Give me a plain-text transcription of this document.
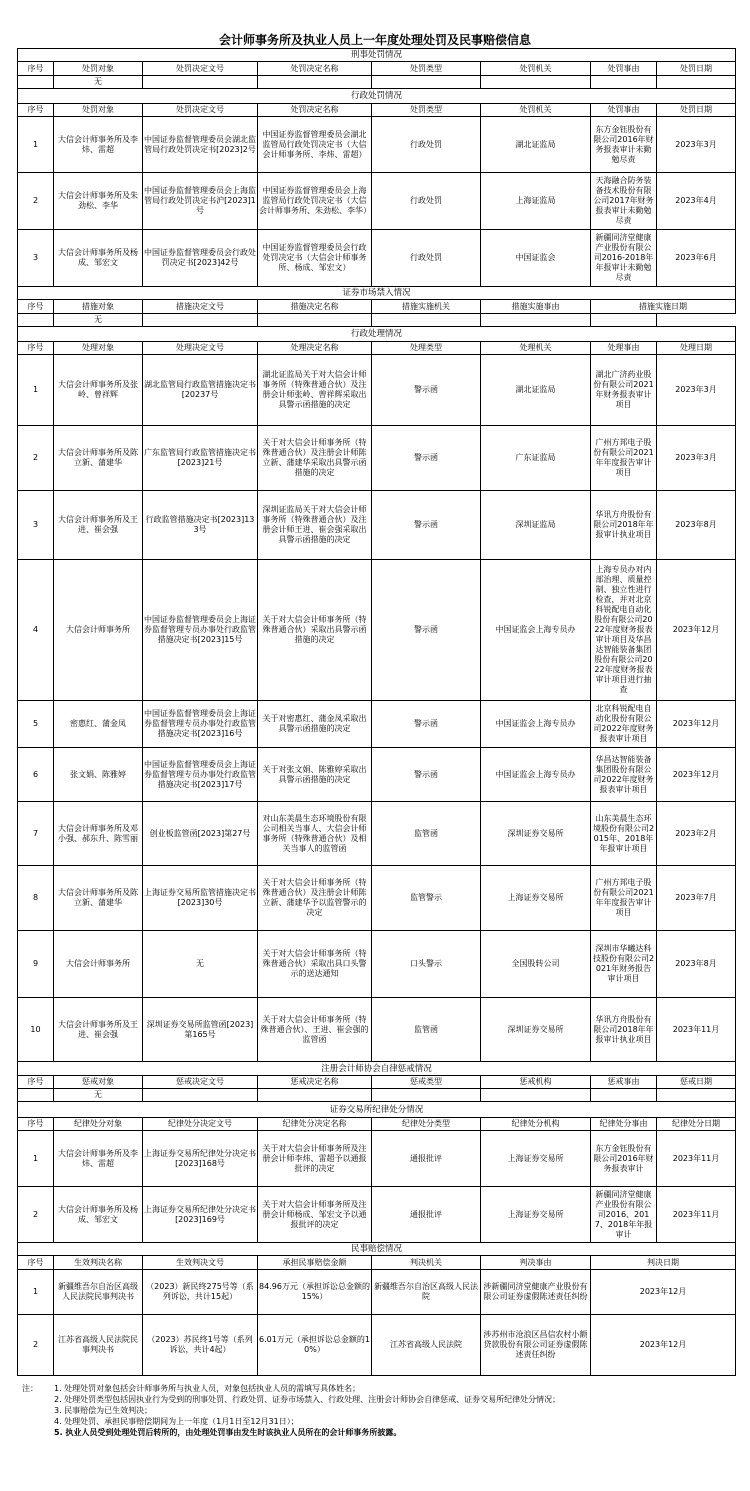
会计师事务所及执业人员上一年度处理处罚及民事赔偿信息
刑事处罚情况							
序号	处罚对象	处罚决定文号	处罚决定名称	处罚类型	处罚机关	处罚事由	处罚日期
	无						
行政处罚情况							
序号	处罚对象	处罚决定文号	处罚决定名称	处罚类型	处罚机关	处罚事由	处罚日期
1	大信会计师事务所及李炜、雷超	中国证券监督管理委员会湖北监管局行政处罚决定书[2023]2号	中国证券监督管理委员会湖北监管局行政处罚决定书（大信会计师事务所、李炜、雷超）	行政处罚	湖北证监局	东方金钰股份有限公司2016年财务报表审计未勤勉尽责	2023年3月
2	大信会计师事务所及朱劲松、李华	中国证券监督管理委员会上海监管局行政处罚决定书沪[2023]1号	中国证券监督管理委员会上海监管局行政处罚决定书（大信会计师事务所、朱劲松、李华）	行政处罚	上海证监局	天海融合防务装备技术股份有限公司2017年财务报表审计未勤勉尽责	2023年4月
3	大信会计师事务所及杨成、邹宏文	中国证券监督管理委员会行政处罚决定书[2023]42号	中国证券监督管理委员会行政处罚决定书（大信会计师事务所、杨成、邹宏文）	行政处罚	中国证监会	新疆同济堂健康产业股份有限公司2016-2018年年报审计未勤勉尽责	2023年6月
证券市场禁入情况							
序号	措施对象	措施决定文号	措施决定名称	措施实施机关	措施实施事由	措施实施日期	
	无						
行政处理情况							
序号	处理对象	处理决定文号	处理决定名称	处理类型	处理机关	处理事由	处理日期
1	大信会计师事务所及张岭、曾祥辉	湖北监管局行政监管措施决定书[20237号	湖北证监局关于对大信会计师事务所（特殊普通合伙）及注册会计师张岭、曾祥辉采取出具警示函措施的决定	警示函	湖北证监局	湖北广济药业股份有限公司2021年财务报表审计项目	2023年3月
2	大信会计师事务所及陈立新、蒲建华	广东监管局行政监管措施决定书[2023]21号	关于对大信会计师事务所（特殊普通合伙）及注册会计师陈立新、蒲建华采取出具警示函措施的决定	警示函	广东证监局	广州方邦电子股份有限公司2021年年度报告审计项目	2023年3月
3	大信会计师事务所及王进、崔会强	行政监管措施决定书[2023]133号	深圳证监局关于对大信会计师事务所（特殊普通合伙）及注册会计师王进、崔会强采取出具警示函措施的决定	警示函	深圳证监局	华讯方舟股份有限公司2018年年报审计执业项目	2023年8月
4	大信会计师事务所	中国证券监督管理委员会上海证券监督管理专员办事处行政监管措施决定书[2023]15号	关于对大信会计师事务所（特殊普通合伙）采取出具警示函措施的决定	警示函	中国证监会上海专员办	上海专员办对内部治理、质量控制、独立性进行检查，并对北京科锐配电自动化股份有限公司2022年度财务报表审计项目及华昌达智能装备集团股份有限公司2022年度财务报表审计项目进行抽查	2023年12月
5	密惠红、蒲金凤	中国证券监督管理委员会上海证券监督管理专员办事处行政监管措施决定书[2023]16号	关于对密惠红、蒲金凤采取出具警示函措施的决定	警示函	中国证监会上海专员办	北京科锐配电自动化股份有限公司2022年度财务报表审计项目	2023年12月
6	张文娟、陈雅婷	中国证券监督管理委员会上海证券监督管理专员办事处行政监管措施决定书[2023]17号	关于对张文娟、陈雅婷采取出具警示函措施的决定	警示函	中国证监会上海专员办	华昌达智能装备集团股份有限公司2022年度财务报表审计项目	2023年12月
7	大信会计师事务所及邓小强、郝东升、陈雪丽	创业板监管函[2023]第27号	对山东美晨生态环境股份有限公司相关当事人、大信会计师事务所（特殊普通合伙）及相关当事人的监管函	监管函	深圳证券交易所	山东美晨生态环境股份有限公司2015年、2018年年报审计项目	2023年2月
8	大信会计师事务所及陈立新、蒲建华	上海证券交易所监管措施决定书[2023]30号	关于对大信会计师事务所（特殊普通合伙）及注册会计师陈立新、蒲建华予以监管警示的决定	监管警示	上海证券交易所	广州方邦电子股份有限公司2021年年度报告审计项目	2023年7月
9	大信会计师事务所	无	关于对大信会计师事务所（特殊普通合伙）采取出具口头警示的送达通知	口头警示	全国股转公司	深圳市华曦达科技股份有限公司2021年财务报告审计项目	2023年8月
10	大信会计师事务所及王进、崔会强	深圳证券交易所监管函[2023]第165号	关于对大信会计师事务所（特殊普通合伙）、王进、崔会强的监管函	监管函	深圳证券交易所	华讯方舟股份有限公司2018年年报审计执业项目	2023年11月
注册会计师协会自律惩戒情况							
序号	惩戒对象	惩戒决定文号	惩戒决定名称	惩戒类型	惩戒机构	惩戒事由	惩戒日期
	无						
证券交易所纪律处分情况							
序号	纪律处分对象	纪律处分决定文号	纪律处分决定名称	纪律处分类型	纪律处分机构	纪律处分事由	纪律处分日期
1	大信会计师事务所及李炜、雷超	上海证券交易所纪律处分决定书[2023]168号	关于对大信会计师事务所及注册会计师李炜、雷超予以通报批评的决定	通报批评	上海证券交易所	东方金钰股份有限公司2016年财务报表审计	2023年11月
2	大信会计师事务所及杨成、邹宏文	上海证券交易所纪律处分决定书[2023]169号	关于对大信会计师事务所及注册会计师杨成、邹宏文予以通报批评的决定	通报批评	上海证券交易所	新疆同济堂健康产业股份有限公司2016、2017、2018年年报审计	2023年11月
民事赔偿情况							
序号	生效判决名称	生效判决文号	承担民事赔偿金额	判决机关	判决事由	判决日期	
1	新疆维吾尔自治区高级人民法院民事判决书	（2023）新民终275号等（系列诉讼，共计15起）	84.96万元（承担诉讼总金额的15%）	新疆维吾尔自治区高级人民法院	涉新疆同济堂健康产业股份有限公司证券虚假陈述责任纠纷	2023年12月	
2	江苏省高级人民法院民事判决书	（2023）苏民终1号等（系列诉讼，共计4起）	6.01万元（承担诉讼总金额的10%）	江苏省高级人民法院	涉苏州市沧浪区昌信农村小额贷款股份有限公司证券虚假陈述责任纠纷	2023年12月	
注： 1. 处理处罚对象包括会计师事务所与执业人员，对象包括执业人员的需填写具体姓名；
2. 处理处罚类型包括因执业行为受到的刑事处罚、行政处罚、证券市场禁入、行政处理、注册会计师协会自律惩戒、证券交易所纪律处分情况；
3. 民事赔偿为已生效判决；
4. 处理处罚、承担民事赔偿期间为上一年度（1月1日至12月31日）；
5. 执业人员受到处理处罚后转所的，由处理处罚事由发生时该执业人员所在的会计师事务所披露。
